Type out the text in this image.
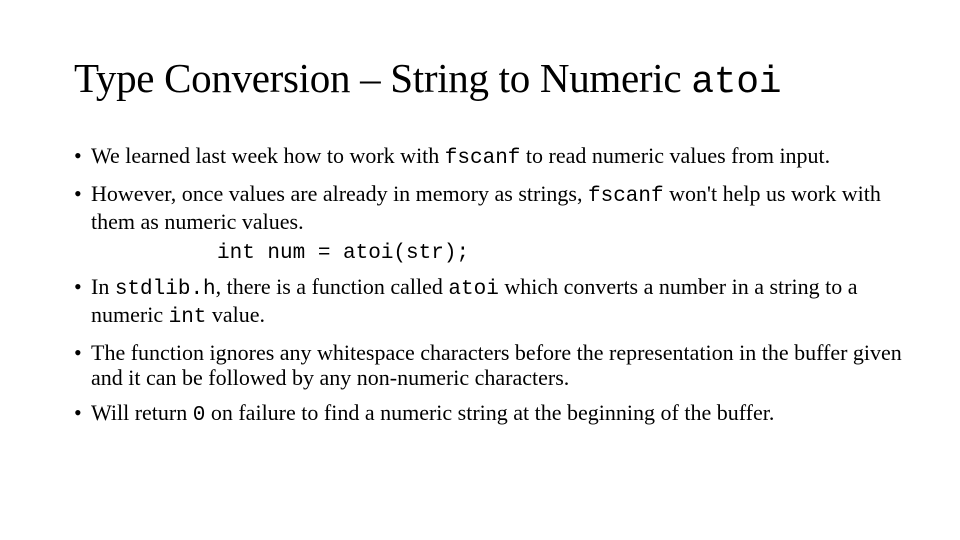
Type Conversion – String to Numeric atoi
• We learned last week how to work with fscanf to read numeric values from input.
• However, once values are already in memory as strings, fscanf won't help us work with them as numeric values.
int num = atoi(str);
• In stdlib.h, there is a function called atoi which converts a number in a string to a numeric int value.
• The function ignores any whitespace characters before the representation in the buffer given and it can be followed by any non-numeric characters.
• Will return 0 on failure to find a numeric string at the beginning of the buffer.
